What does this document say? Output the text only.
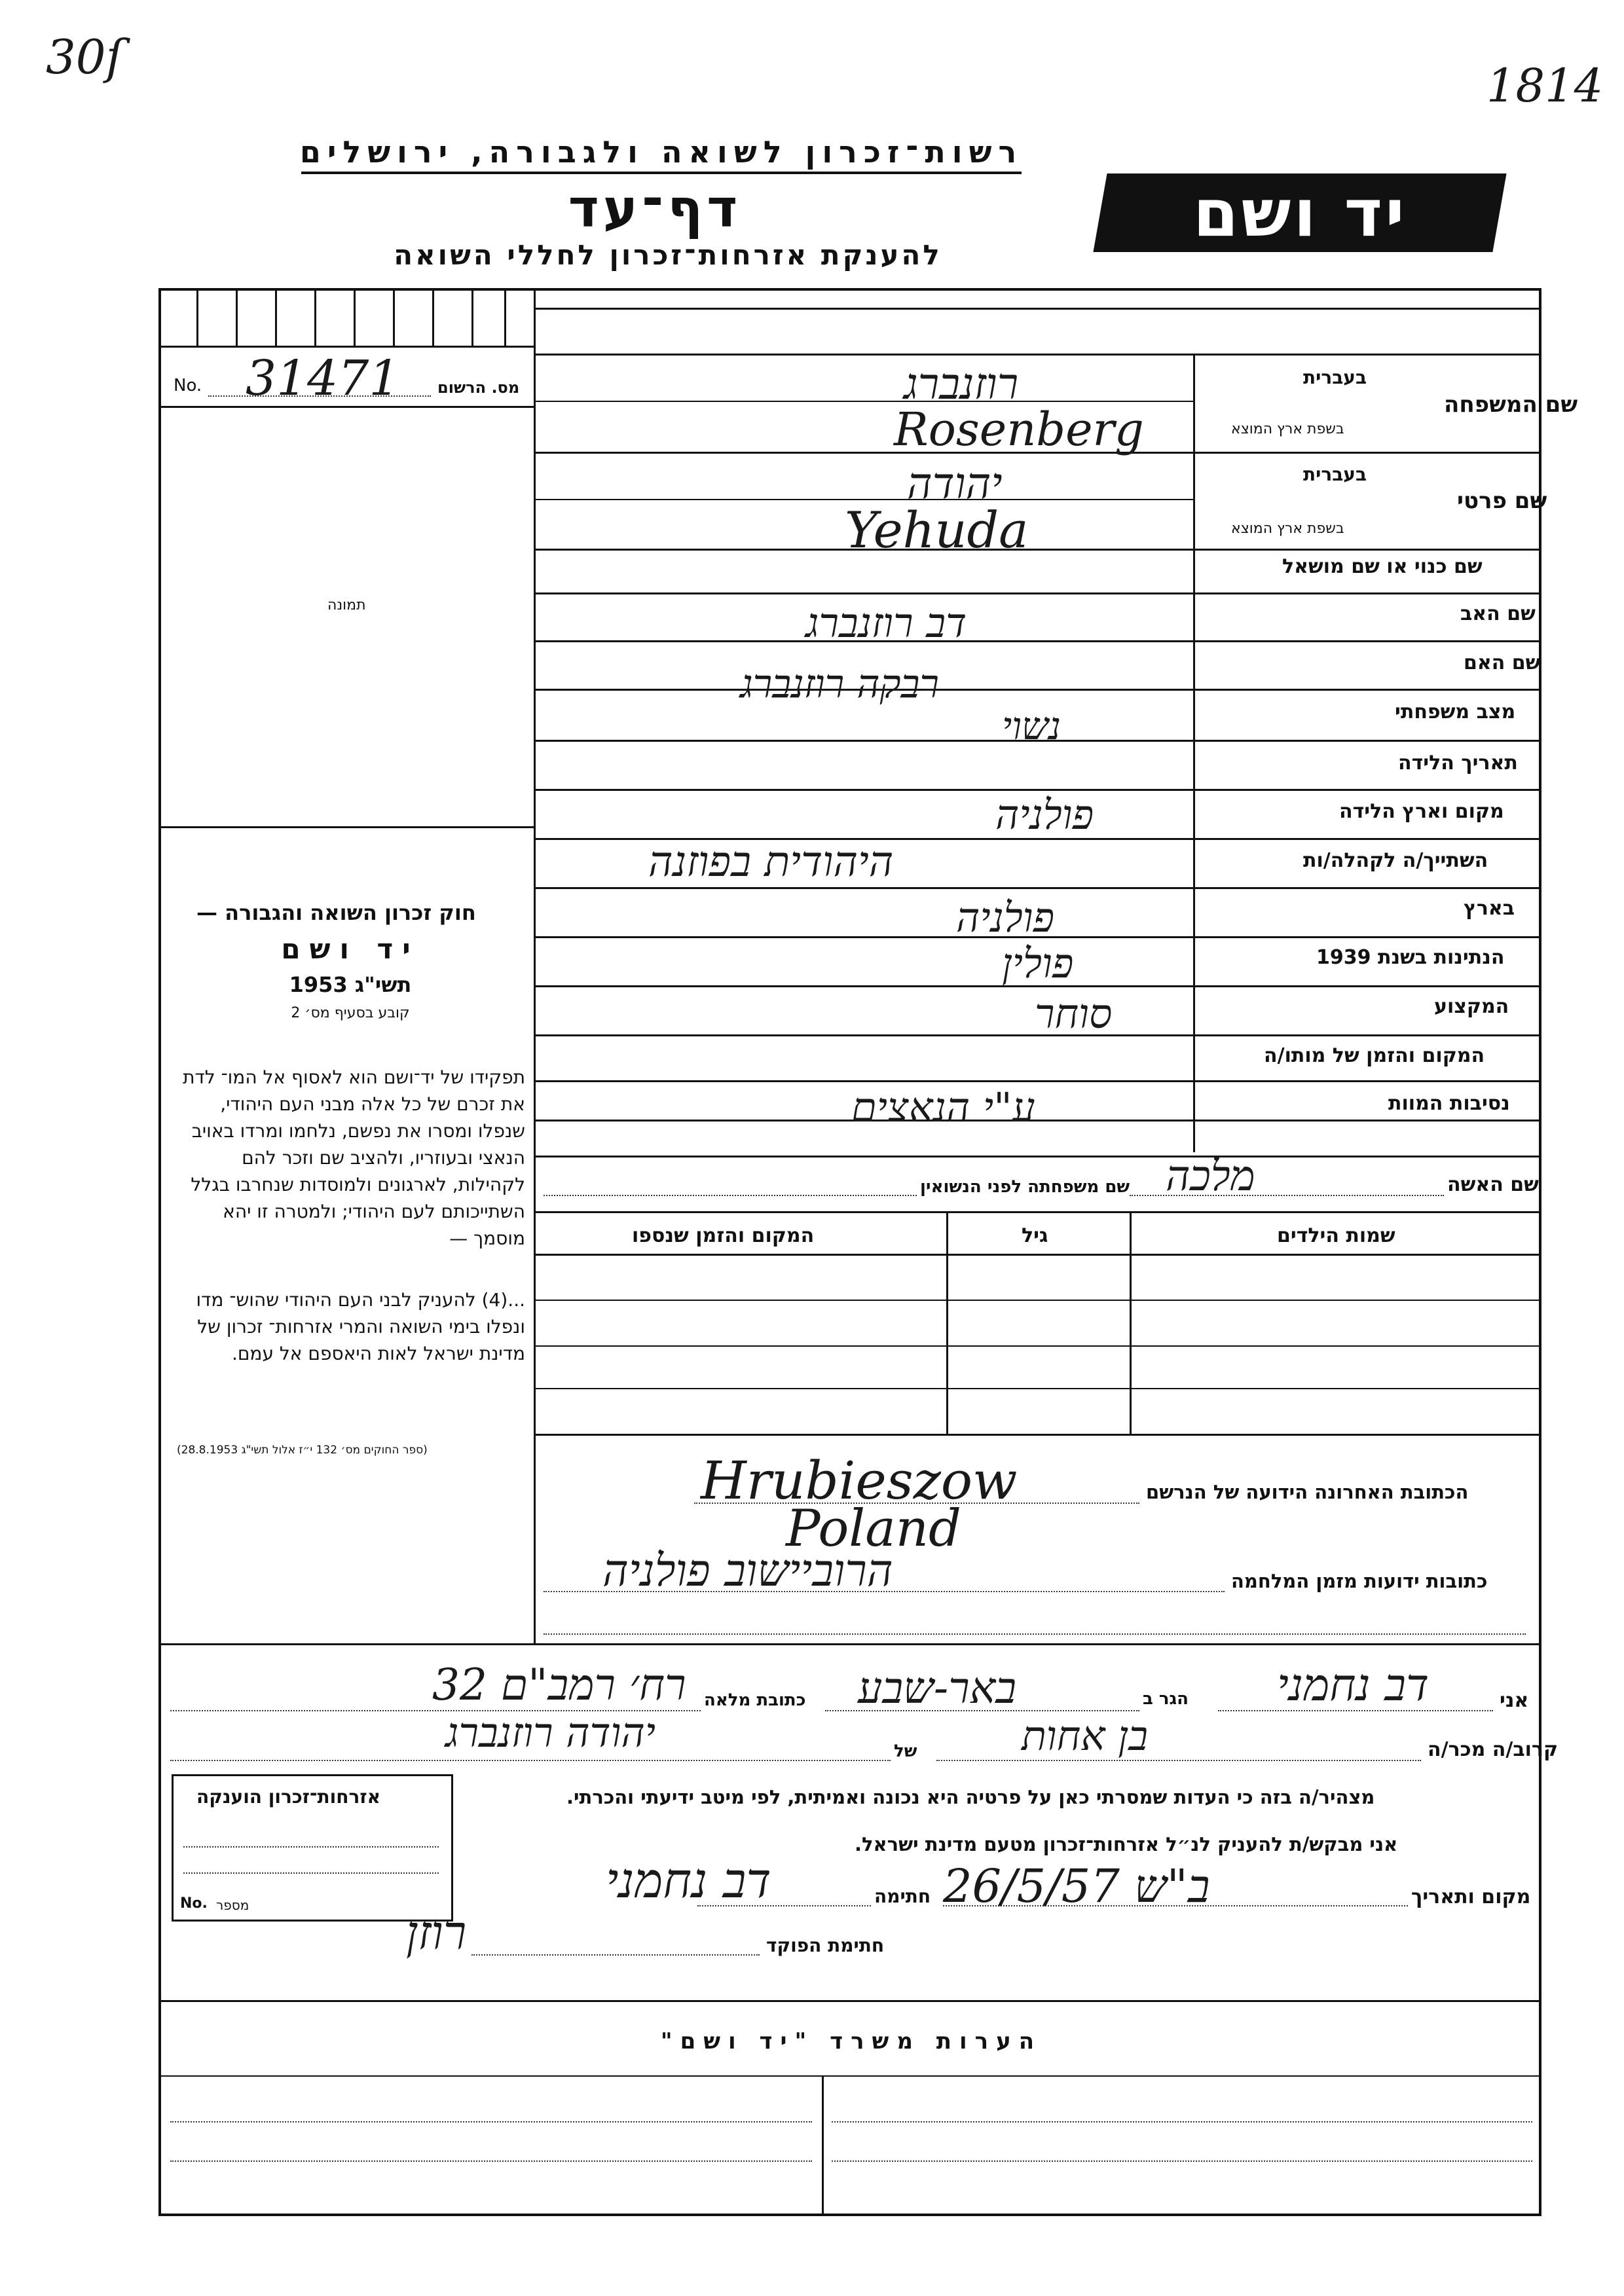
30ſ
1814
רשות־זכרון לשואה ולגבורה, ירושלים
דף־עד
להענקת אזרחות־זכרון לחללי השואה
יד ושם
No. 31471 מס. הרשום
תמונה
שם המשפחה
בעברית
בשפת ארץ המוצא
שם פרטי
בעברית
בשפת ארץ המוצא
שם כנוי או שם מושאל
שם האב
שם האם
מצב משפחתי
תאריך הלידה
מקום וארץ הלידה
השתייך/ה לקהלה/ות
בארץ
הנתינות בשנת 1939
המקצוע
המקום והזמן של מותו/ה
נסיבות המוות
רוזנברג
Rosenberg
יהודה
Yehuda
דב רוזנברג
רבקה רוזנברג
נשוי
פולניה
היהודית בפוזנה
פולניה
פולין
סוחר
ע"י הנאצים
שם האשה
מלכה
שם משפחתה לפני הנשואין
שמות הילדים
גיל
המקום והזמן שנספו
הכתובת האחרונה הידועה של הנרשם
Hrubieszow
Poland
כתובות ידועות מזמן המלחמה
הרוביישוב פולניה
חוק זכרון השואה והגבורה —
יד ושם
תשי"ג 1953
קובע בסעיף מס׳ 2
תפקידו של יד־ושם הוא לאסוף אל המו־ לדת את זכרם של כל אלה מבני העם היהודי, שנפלו ומסרו את נפשם, נלחמו ומרדו באויב הנאצי ובעוזריו, ולהציב שם וזכר להם לקהילות, לארגונים ולמוסדות שנחרבו בגלל השתייכותם לעם היהודי; ולמטרה זו יהא מוסמך —
...(4) להעניק לבני העם היהודי שהוש־ מדו ונפלו בימי השואה והמרי אזרחות־ זכרון של מדינת ישראל לאות היאספם אל עמם.
(ספר החוקים מס׳ 132 י״ז אלול תשי"ג 28.8.1953)
אני
דב נחמני
הגר ב
באר-שבע
כתובת מלאה
רח׳ רמב"ם 32
קרוב/ה מכר/ה
בן אחות
של
יהודה רוזנברג
מצהיר/ה בזה כי העדות שמסרתי כאן על פרטיה היא נכונה ואמיתית, לפי מיטב ידיעתי והכרתי.
אני מבקש/ת להעניק לנ״ל אזרחות־זכרון מטעם מדינת ישראל.
מקום ותאריך
ב"ש 26/5/57
חתימה
דב נחמני
חתימת הפוקד
רוזן
אזרחות־זכרון הוענקה
No. מספר
הערות משרד "יד ושם"
